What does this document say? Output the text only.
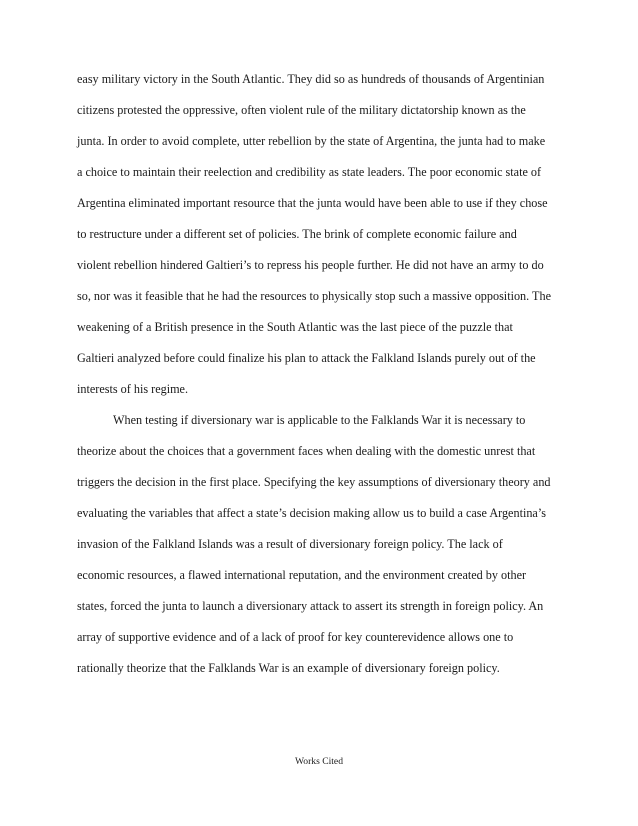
easy military victory in the South Atlantic. They did so as hundreds of thousands of Argentinian
citizens protested the oppressive, often violent rule of the military dictatorship known as the
junta. In order to avoid complete, utter rebellion by the state of Argentina, the junta had to make
a choice to maintain their reelection and credibility as state leaders. The poor economic state of
Argentina eliminated important resource that the junta would have been able to use if they chose
to restructure under a different set of policies. The brink of complete economic failure and
violent rebellion hindered Galtieri’s to repress his people further. He did not have an army to do
so, nor was it feasible that he had the resources to physically stop such a massive opposition. The
weakening of a British presence in the South Atlantic was the last piece of the puzzle that
Galtieri analyzed before could finalize his plan to attack the Falkland Islands purely out of the
interests of his regime.
When testing if diversionary war is applicable to the Falklands War it is necessary to
theorize about the choices that a government faces when dealing with the domestic unrest that
triggers the decision in the first place. Specifying the key assumptions of diversionary theory and
evaluating the variables that affect a state’s decision making allow us to build a case Argentina’s
invasion of the Falkland Islands was a result of diversionary foreign policy. The lack of
economic resources, a flawed international reputation, and the environment created by other
states, forced the junta to launch a diversionary attack to assert its strength in foreign policy. An
array of supportive evidence and of a lack of proof for key counterevidence allows one to
rationally theorize that the Falklands War is an example of diversionary foreign policy.
Works Cited
